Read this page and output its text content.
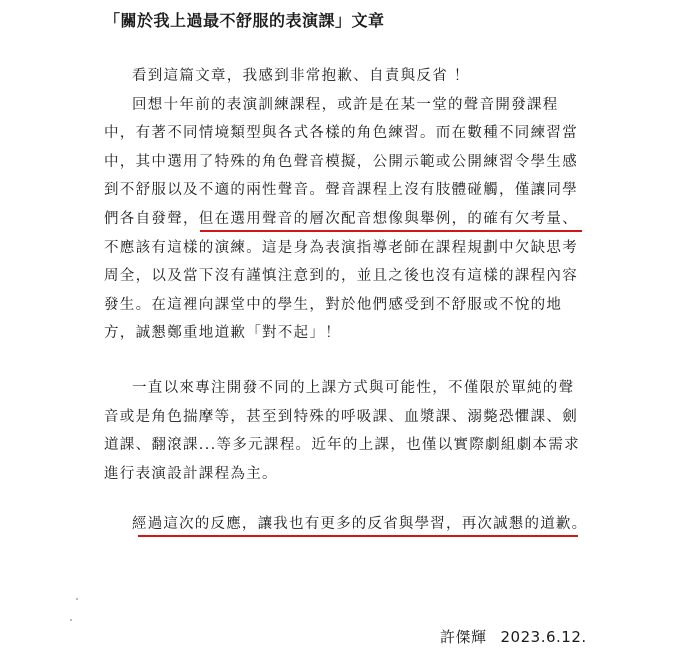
「關於我上過最不舒服的表演課」文章
看到這篇文章，我感到非常抱歉、自責與反省 ！
回想十年前的表演訓練課程，或許是在某一堂的聲音開發課程
中，有著不同情境類型與各式各樣的角色練習。而在數種不同練習當
中，其中選用了特殊的角色聲音模擬，公開示範或公開練習令學生感
到不舒服以及不適的兩性聲音。聲音課程上沒有肢體碰觸，僅讓同學
們各自發聲，但在選用聲音的層次配音想像與舉例，的確有欠考量、
不應該有這樣的演練。這是身為表演指導老師在課程規劃中欠缺思考
周全，以及當下沒有謹慎注意到的，並且之後也沒有這樣的課程內容
發生。在這裡向課堂中的學生，對於他們感受到不舒服或不悅的地
方，誠懇鄭重地道歉「對不起」！
一直以來專注開發不同的上課方式與可能性，不僅限於單純的聲
音或是角色揣摩等，甚至到特殊的呼吸課、血漿課、溺斃恐懼課、劍
道課、翻滾課...等多元課程。近年的上課，也僅以實際劇組劇本需求
進行表演設計課程為主。
經過這次的反應，讓我也有更多的反省與學習，再次誠懇的道歉。
許傑輝 2023.6.12.
